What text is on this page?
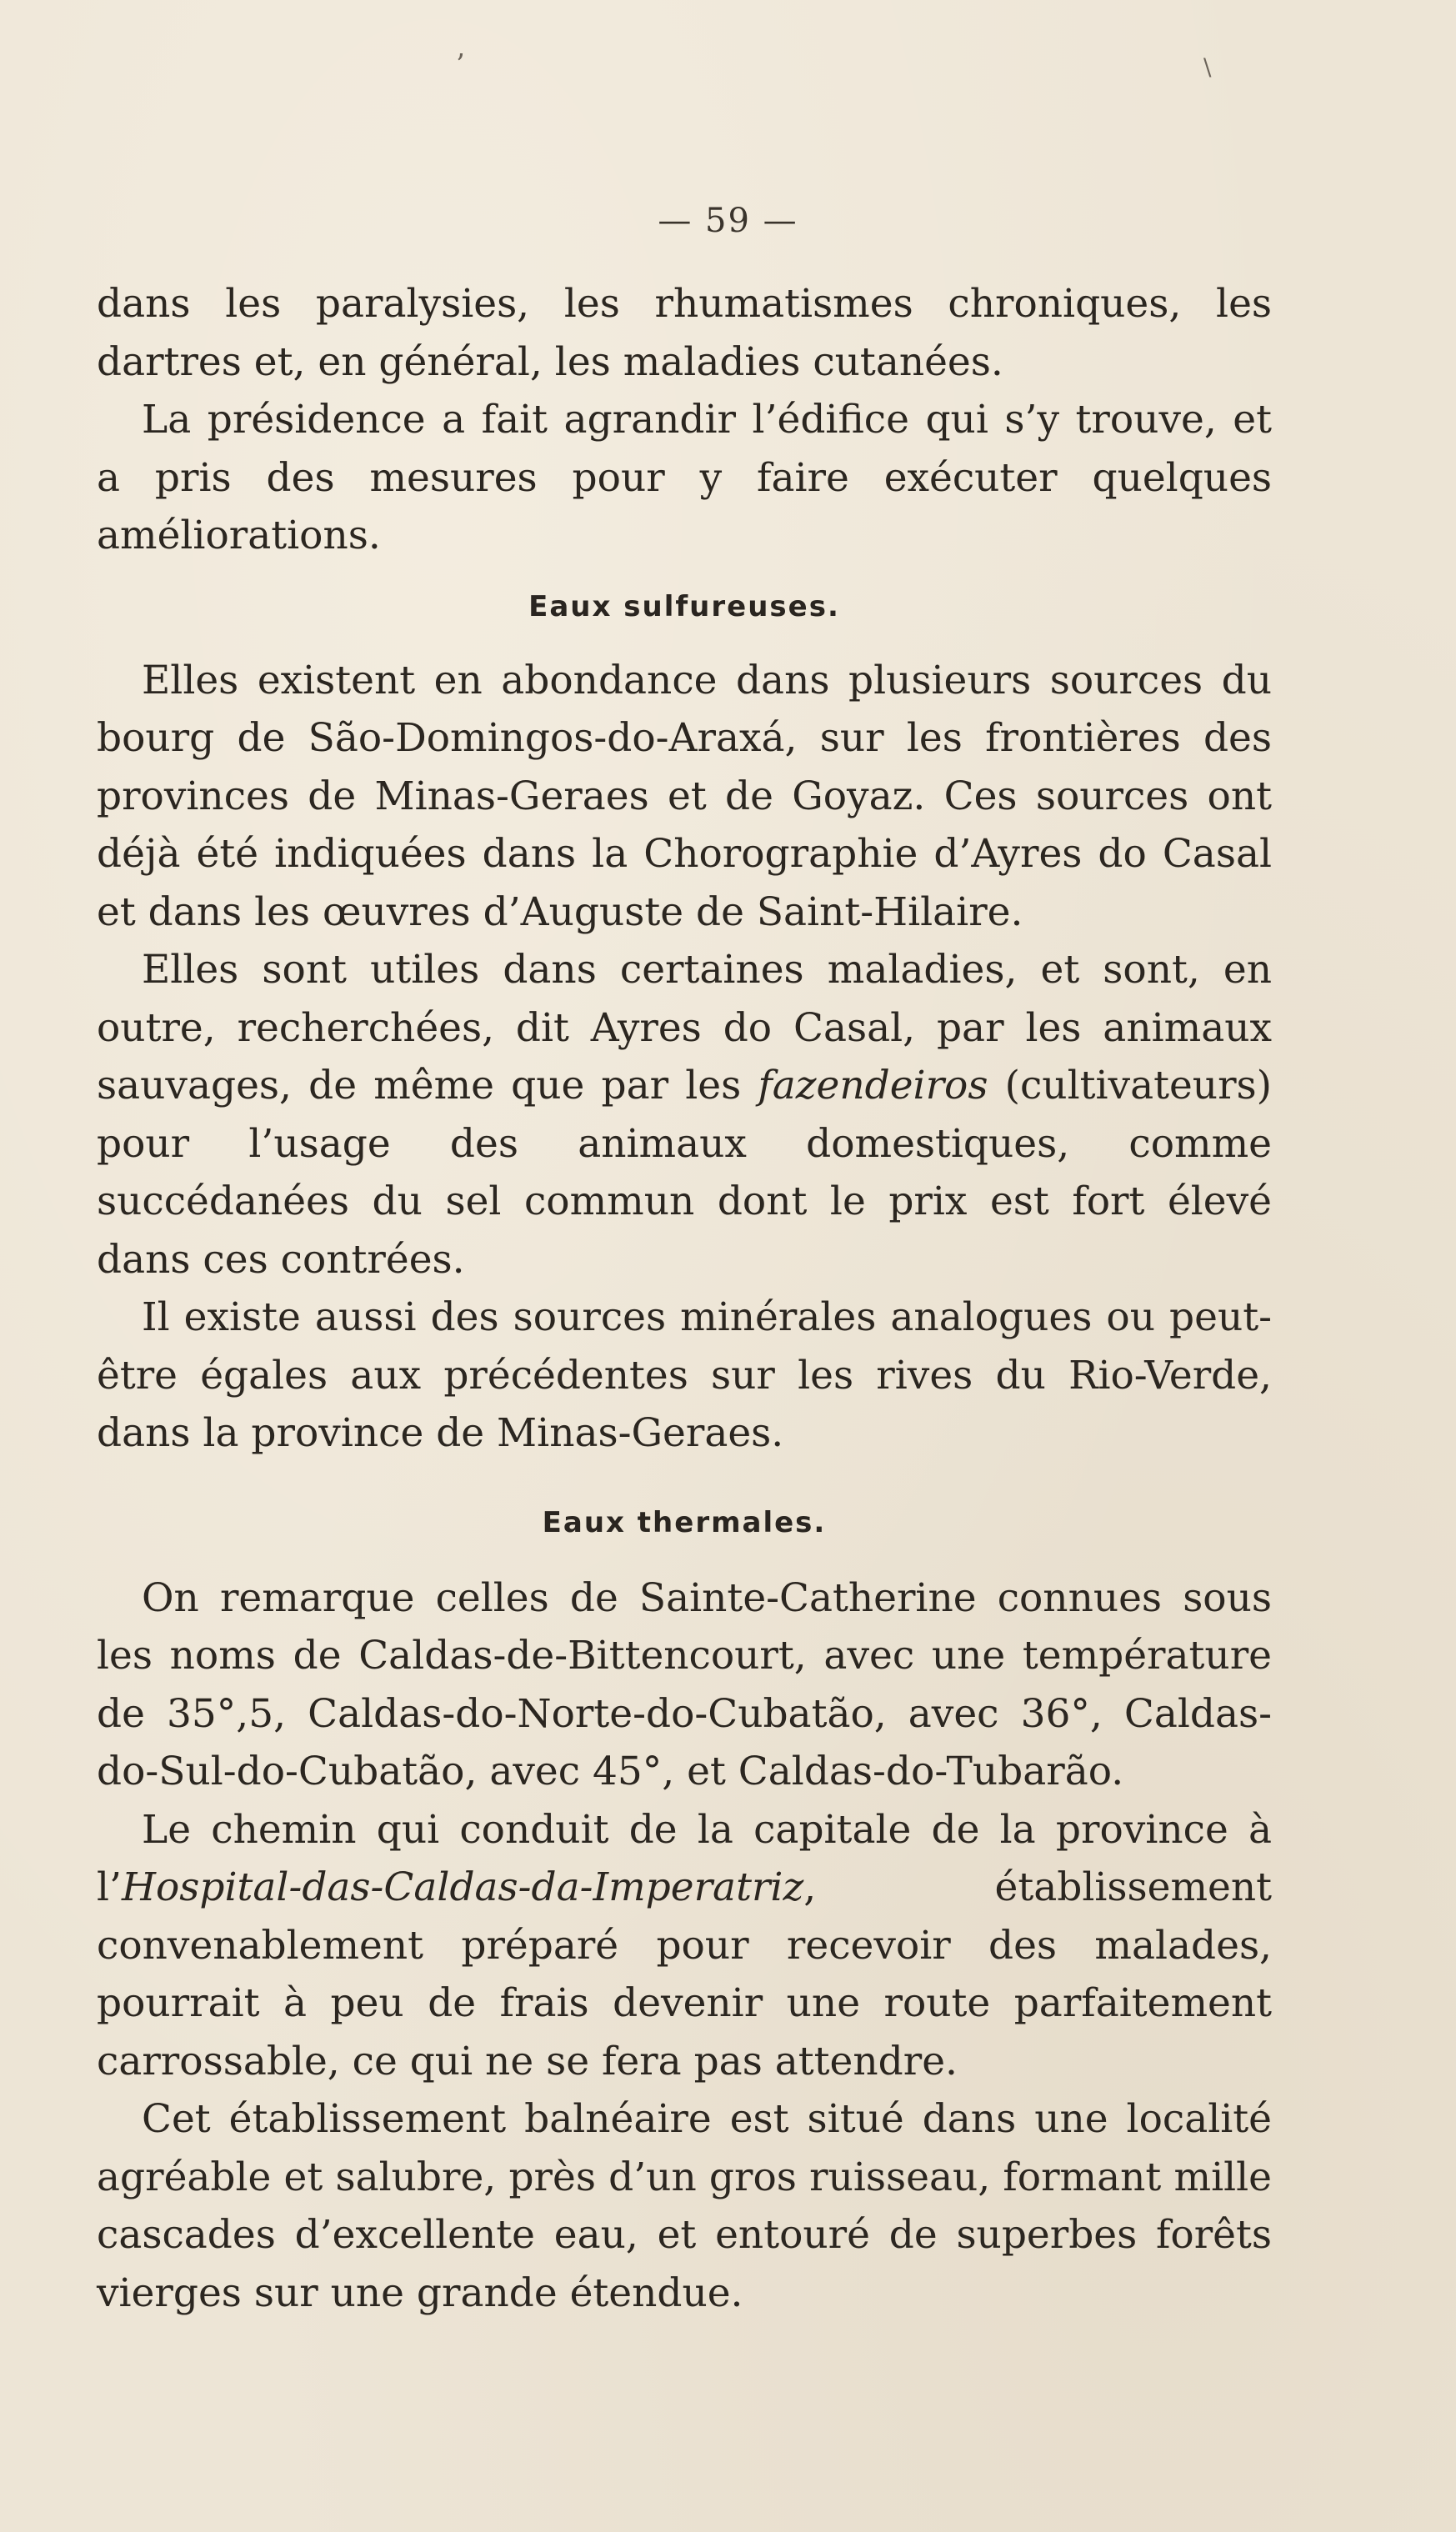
ʼ	\
— 59 —

dans les paralysies, les rhumatismes chroniques, les dartres et, en général, les maladies cutanées.

La présidence a fait agrandir l’édifice qui s’y trouve, et a pris des mesures pour y faire exécuter quelques améliorations.

Eaux sulfureuses.

Elles existent en abondance dans plusieurs sources du bourg de São-Domingos-do-Araxá, sur les frontières des provinces de Minas-Geraes et de Goyaz. Ces sources ont déjà été indiquées dans la Chorographie d’Ayres do Casal et dans les œuvres d’Auguste de Saint-Hilaire.

Elles sont utiles dans certaines maladies, et sont, en outre, recherchées, dit Ayres do Casal, par les animaux sauvages, de même que par les fazendeiros (cultivateurs) pour l’usage des animaux domestiques, comme succédanées du sel commun dont le prix est fort élevé dans ces contrées.

Il existe aussi des sources minérales analogues ou peut-être égales aux précédentes sur les rives du Rio-Verde, dans la province de Minas-Geraes.

Eaux thermales.

On remarque celles de Sainte-Catherine connues sous les noms de Caldas-de-Bittencourt, avec une température de 35°,5, Caldas-do-Norte-do-Cubatão, avec 36°, Caldas-do-Sul-do-Cubatão, avec 45°, et Caldas-do-Tubarão.

Le chemin qui conduit de la capitale de la province à l’Hospital-das-Caldas-da-Imperatriz, établissement convenablement préparé pour recevoir des malades, pourrait à peu de frais devenir une route parfaitement carrossable, ce qui ne se fera pas attendre.

Cet établissement balnéaire est situé dans une localité agréable et salubre, près d’un gros ruisseau, formant mille cascades d’excellente eau, et entouré de superbes forêts vierges sur une grande étendue.
